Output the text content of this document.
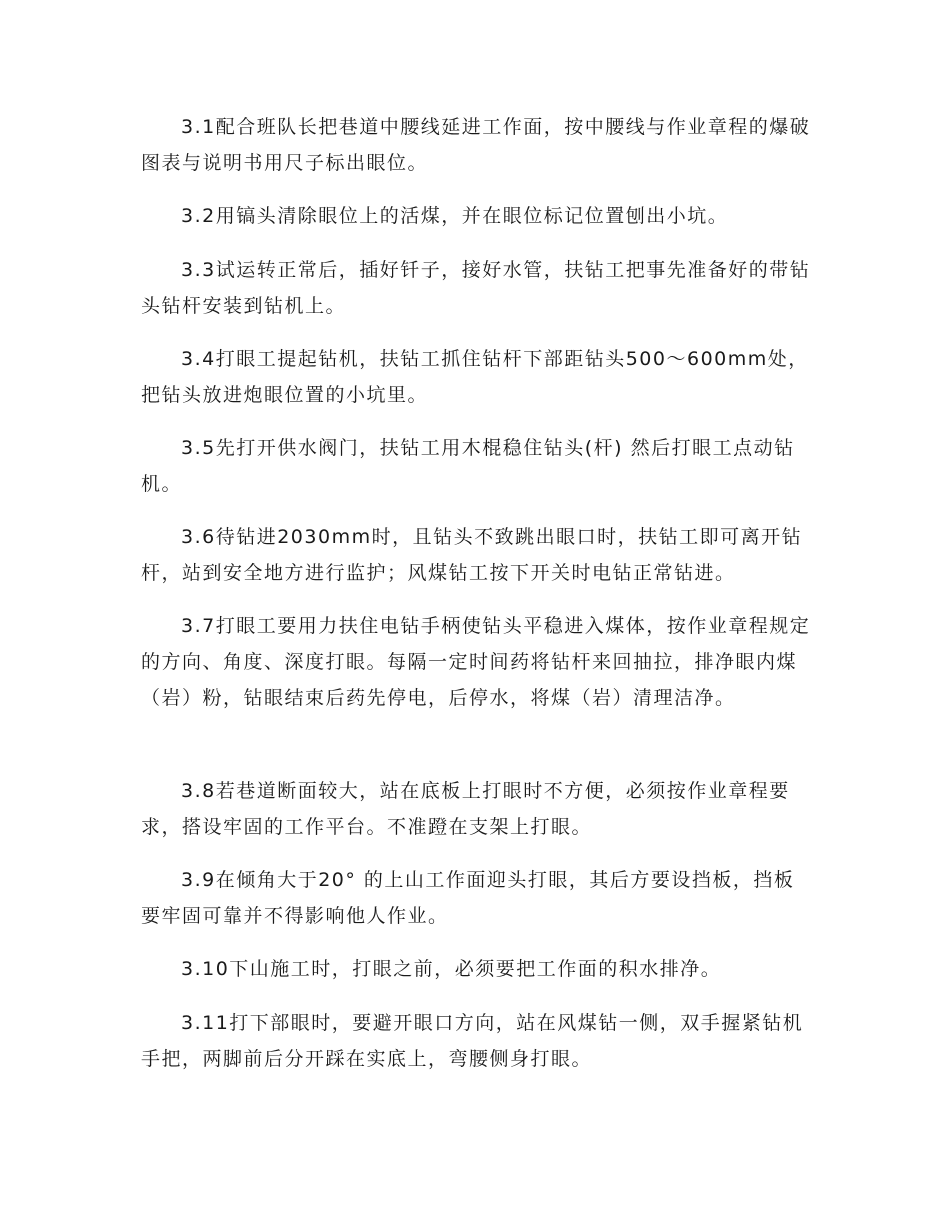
3.1配合班队长把巷道中腰线延进工作面，按中腰线与作业章程的爆破图表与说明书用尺子标出眼位。

3.2用镐头清除眼位上的活煤，并在眼位标记位置刨出小坑。

3.3试运转正常后，插好钎子，接好水管，扶钻工把事先准备好的带钻头钻杆安装到钻机上。

3.4打眼工提起钻机，扶钻工抓住钻杆下部距钻头500～600mm处，把钻头放进炮眼位置的小坑里。

3.5先打开供水阀门，扶钻工用木棍稳住钻头(杆) 然后打眼工点动钻机。

3.6待钻进2030mm时，且钻头不致跳出眼口时，扶钻工即可离开钻杆，站到安全地方进行监护；风煤钻工按下开关时电钻正常钻进。

3.7打眼工要用力扶住电钻手柄使钻头平稳进入煤体，按作业章程规定的方向、角度、深度打眼。每隔一定时间药将钻杆来回抽拉，排净眼内煤（岩）粉，钻眼结束后药先停电，后停水，将煤（岩）清理洁净。

3.8若巷道断面较大，站在底板上打眼时不方便，必须按作业章程要求，搭设牢固的工作平台。不准蹬在支架上打眼。

3.9在倾角大于20° 的上山工作面迎头打眼，其后方要设挡板，挡板要牢固可靠并不得影响他人作业。

3.10下山施工时，打眼之前，必须要把工作面的积水排净。

3.11打下部眼时，要避开眼口方向，站在风煤钻一侧，双手握紧钻机手把，两脚前后分开踩在实底上，弯腰侧身打眼。
